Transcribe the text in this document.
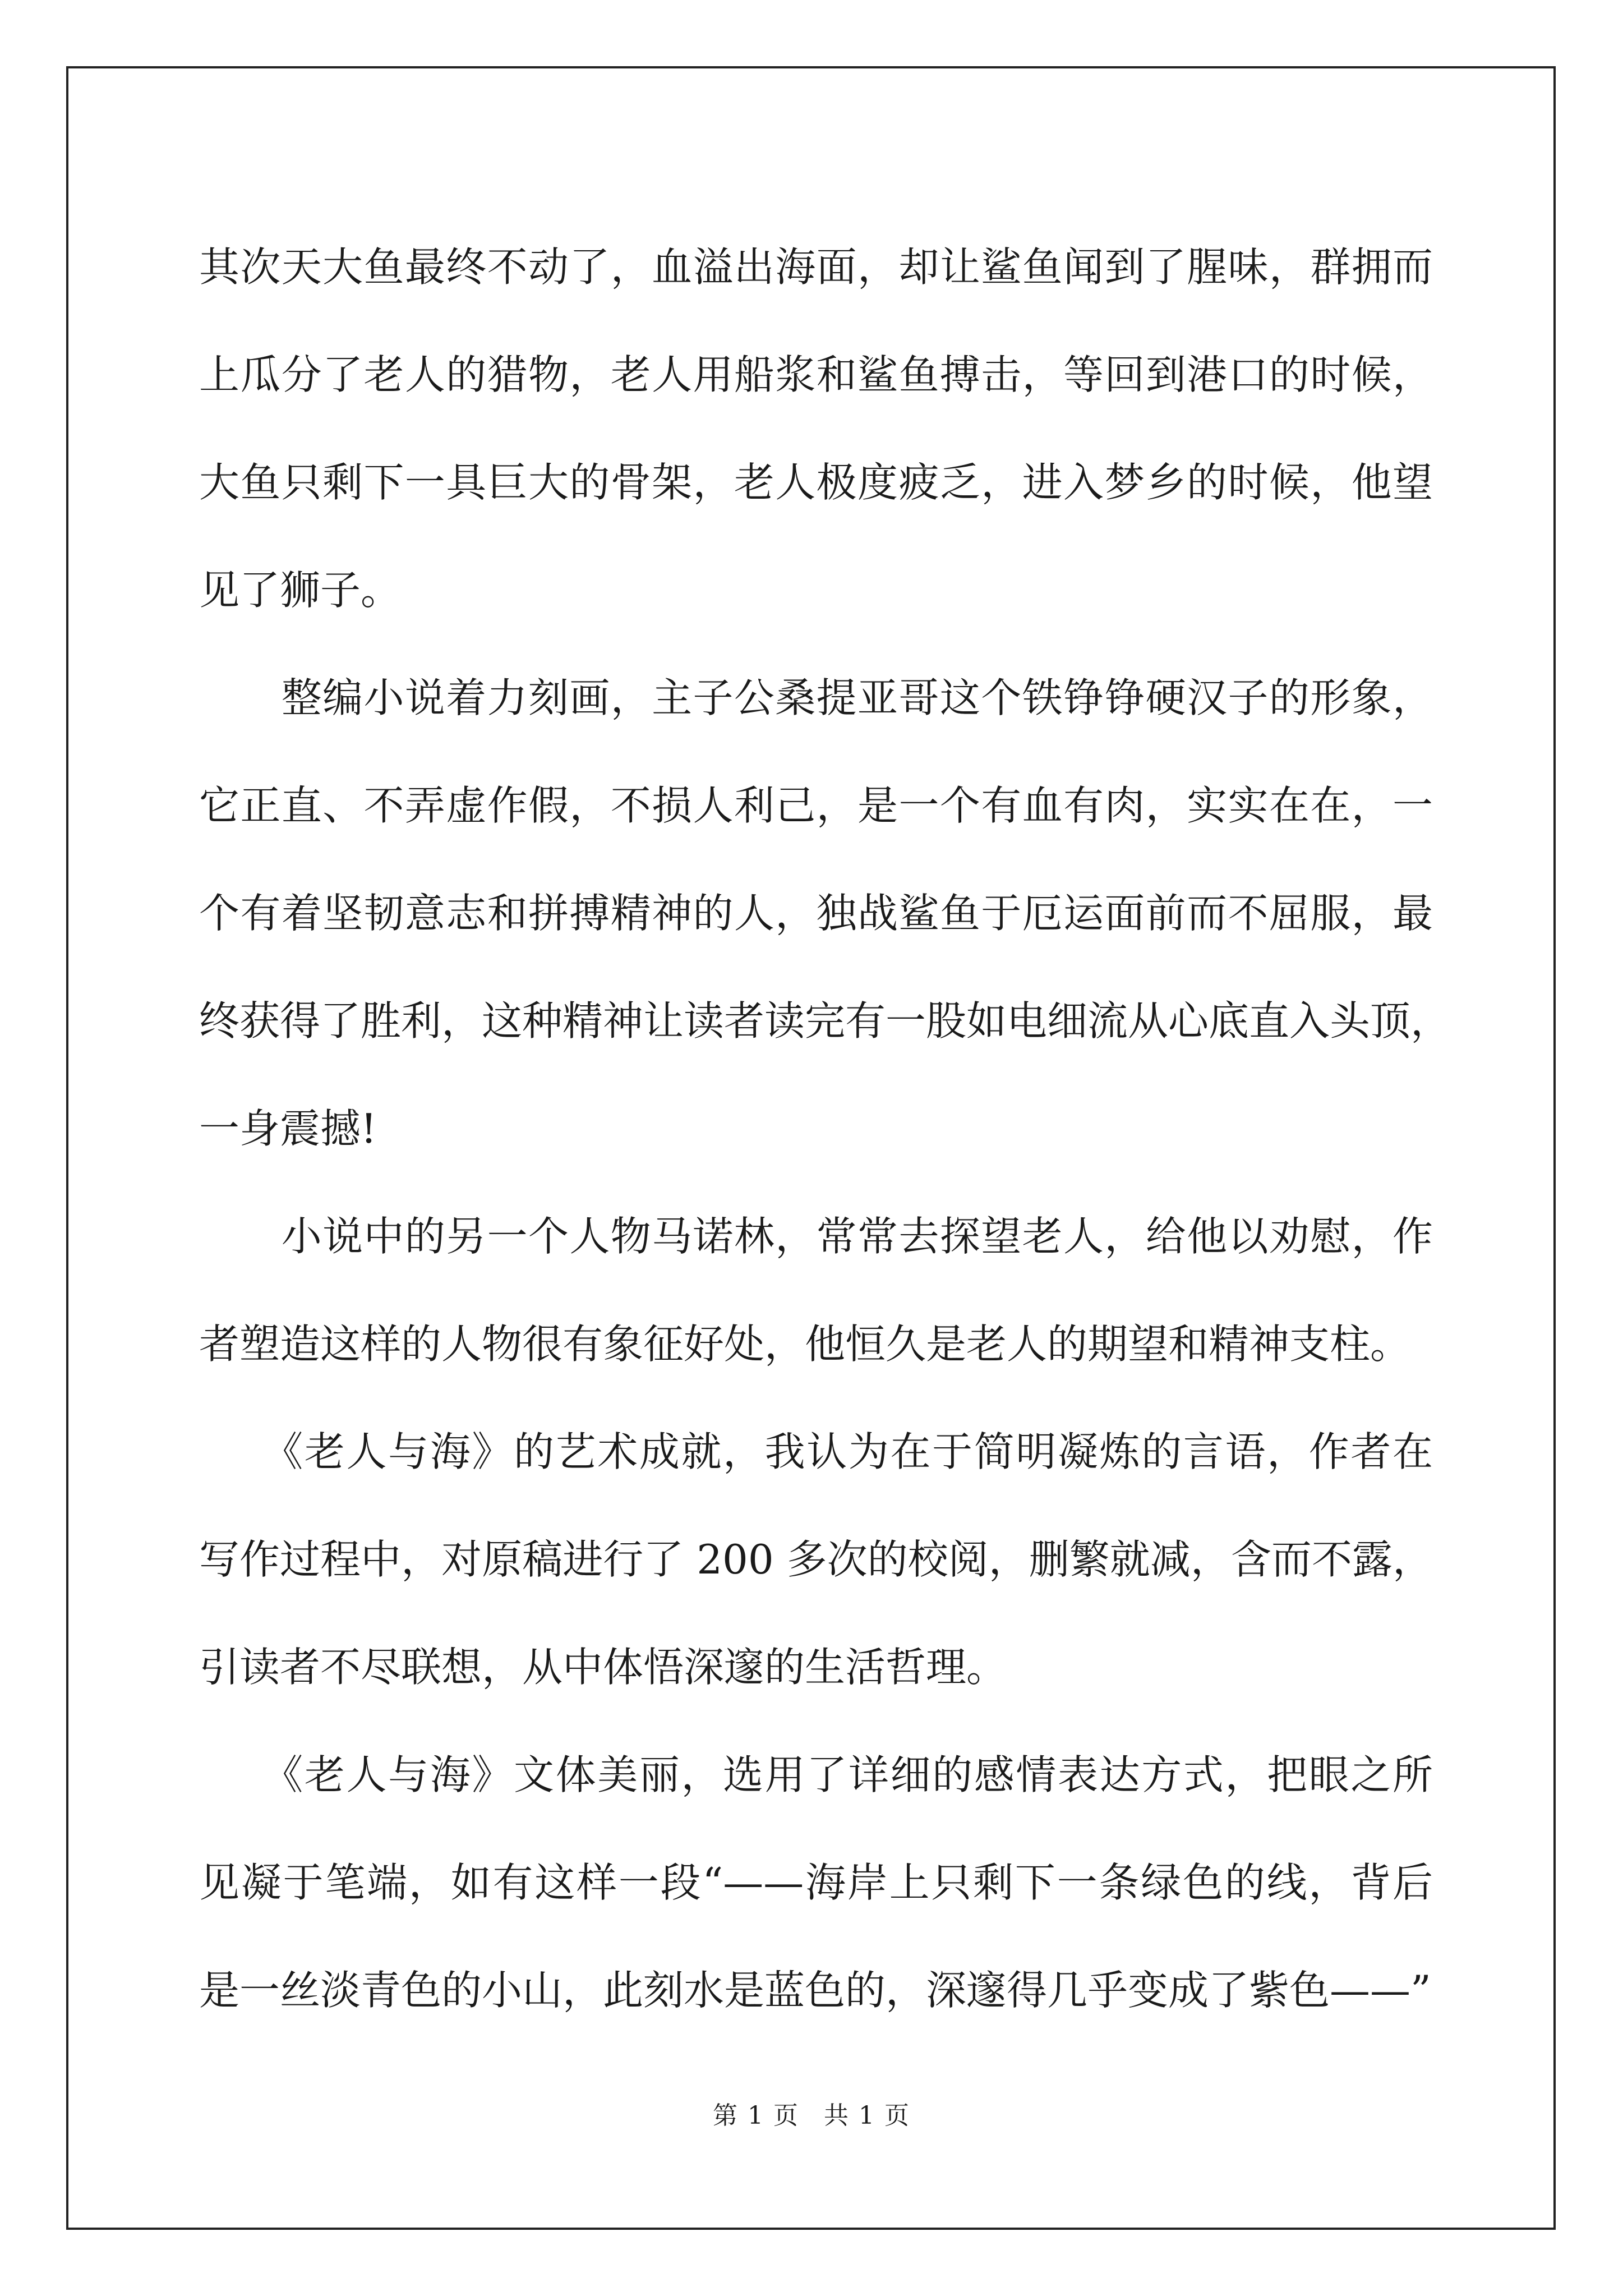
其次天大鱼最终不动了，血溢出海面，却让鲨鱼闻到了腥味，群拥而
上瓜分了老人的猎物，老人用船浆和鲨鱼搏击，等回到港口的时候，
大鱼只剩下一具巨大的骨架，老人极度疲乏，进入梦乡的时候，他望
见了狮子。

　　整编小说着力刻画，主子公桑提亚哥这个铁铮铮硬汉子的形象，
它正直、不弄虚作假，不损人利己，是一个有血有肉，实实在在，一
个有着坚韧意志和拼搏精神的人，独战鲨鱼于厄运面前而不屈服，最
终获得了胜利，这种精神让读者读完有一股如电细流从心底直入头顶，
一身震撼!

　　小说中的另一个人物马诺林，常常去探望老人，给他以劝慰，作
者塑造这样的人物很有象征好处，他恒久是老人的期望和精神支柱。

　　《老人与海》的艺术成就，我认为在于简明凝炼的言语，作者在
写作过程中，对原稿进行了 200 多次的校阅，删繁就减，含而不露，
引读者不尽联想，从中体悟深邃的生活哲理。

　　《老人与海》文体美丽，选用了详细的感情表达方式，把眼之所
见凝于笔端，如有这样一段“——海岸上只剩下一条绿色的线，背后
是一丝淡青色的小山，此刻水是蓝色的，深邃得几乎变成了紫色——”

第 1 页 共 1 页
